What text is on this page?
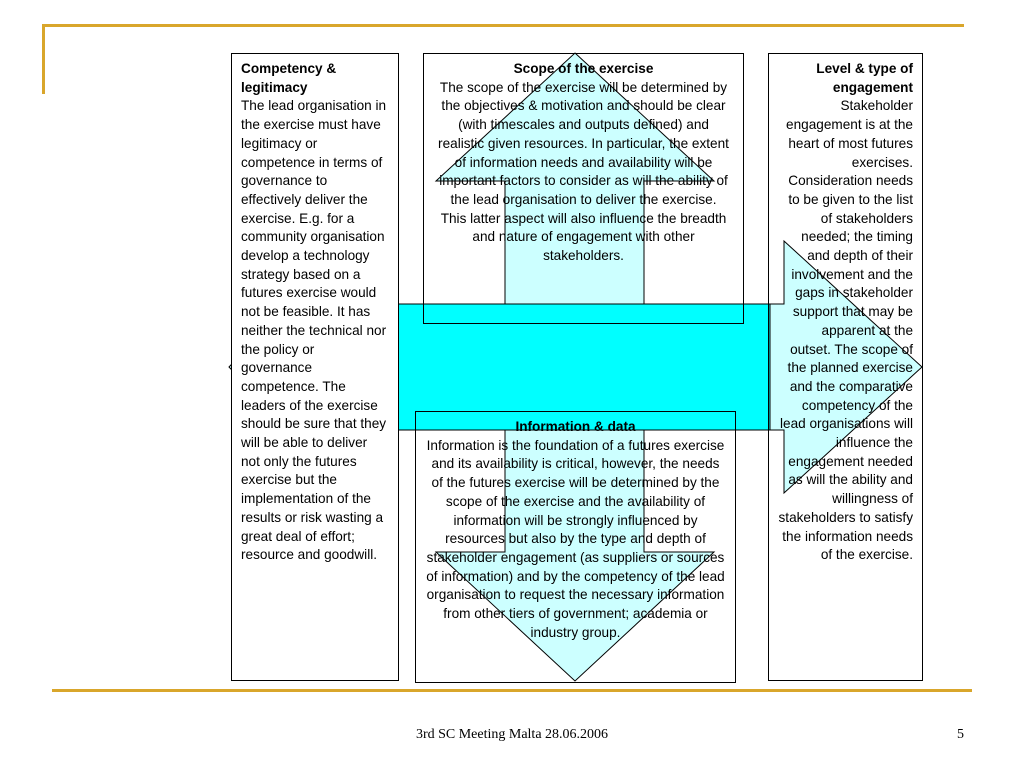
Competency & legitimacy
The lead organisation in the exercise must have legitimacy or competence in terms of governance to effectively deliver the exercise. E.g. for a community organisation develop a technology strategy based on a futures exercise would not be feasible. It has neither the technical nor the policy or governance competence. The leaders of the exercise should be sure that they will be able to deliver not only the futures exercise but the implementation of the results or risk wasting a great deal of effort; resource and goodwill.
Scope of the exercise
The scope of the exercise will be determined by the objectives & motivation and should be clear (with timescales and outputs defined) and realistic given resources. In particular, the extent of information needs and availability will be important factors to consider as will the ability of the lead organisation to deliver the exercise. This latter aspect will also influence the breadth and nature of engagement with other stakeholders.
Information & data
Information is the foundation of a futures exercise and its availability is critical, however, the needs of the futures exercise will be determined by the scope of the exercise and the availability of information will be strongly influenced by resources but also by the type and depth of stakeholder engagement (as suppliers or sources of information) and by the competency of the lead organisation to request the necessary information from other tiers of government; academia or industry group.
Level & type of engagement
Stakeholder engagement is at the heart of most futures exercises. Consideration needs to be given to the list of stakeholders needed; the timing and depth of their involvement and the gaps in stakeholder support that may be apparent at the outset. The scope of the planned exercise and the comparative competency of the lead organisations will influence the engagement needed as will the ability and willingness of stakeholders to satisfy the information needs of the exercise.
3rd SC Meeting Malta 28.06.2006	5
